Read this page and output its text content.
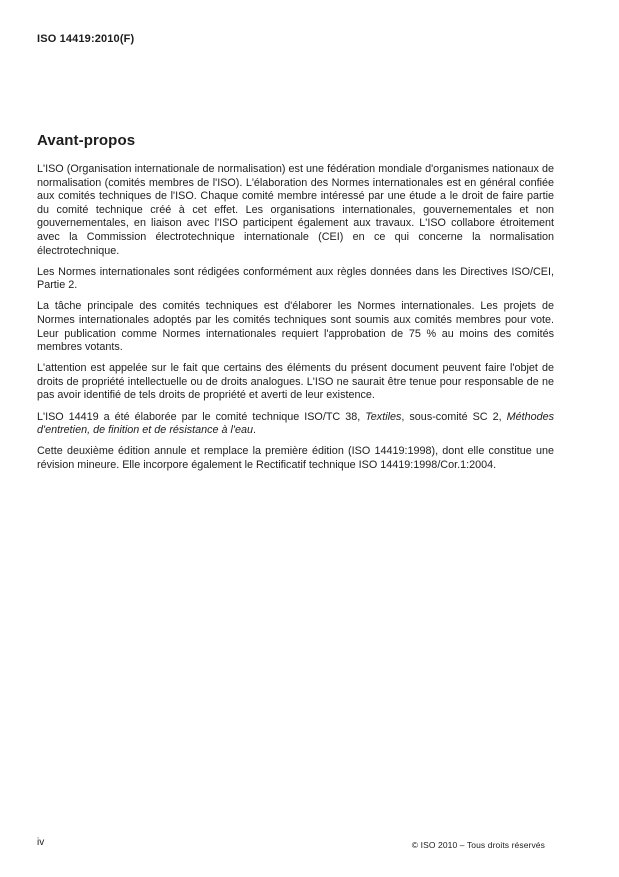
ISO 14419:2010(F)
Avant-propos

L'ISO (Organisation internationale de normalisation) est une fédération mondiale d'organismes nationaux de normalisation (comités membres de l'ISO). L'élaboration des Normes internationales est en général confiée aux comités techniques de l'ISO. Chaque comité membre intéressé par une étude a le droit de faire partie du comité technique créé à cet effet. Les organisations internationales, gouvernementales et non gouvernementales, en liaison avec l'ISO participent également aux travaux. L'ISO collabore étroitement avec la Commission électrotechnique internationale (CEI) en ce qui concerne la normalisation électrotechnique.

Les Normes internationales sont rédigées conformément aux règles données dans les Directives ISO/CEI, Partie 2.

La tâche principale des comités techniques est d'élaborer les Normes internationales. Les projets de Normes internationales adoptés par les comités techniques sont soumis aux comités membres pour vote. Leur publication comme Normes internationales requiert l'approbation de 75 % au moins des comités membres votants.

L'attention est appelée sur le fait que certains des éléments du présent document peuvent faire l'objet de droits de propriété intellectuelle ou de droits analogues. L'ISO ne saurait être tenue pour responsable de ne pas avoir identifié de tels droits de propriété et averti de leur existence.

L'ISO 14419 a été élaborée par le comité technique ISO/TC 38, Textiles, sous-comité SC 2, Méthodes d'entretien, de finition et de résistance à l'eau.

Cette deuxième édition annule et remplace la première édition (ISO 14419:1998), dont elle constitue une révision mineure. Elle incorpore également le Rectificatif technique ISO 14419:1998/Cor.1:2004.

iv	© ISO 2010 – Tous droits réservés
